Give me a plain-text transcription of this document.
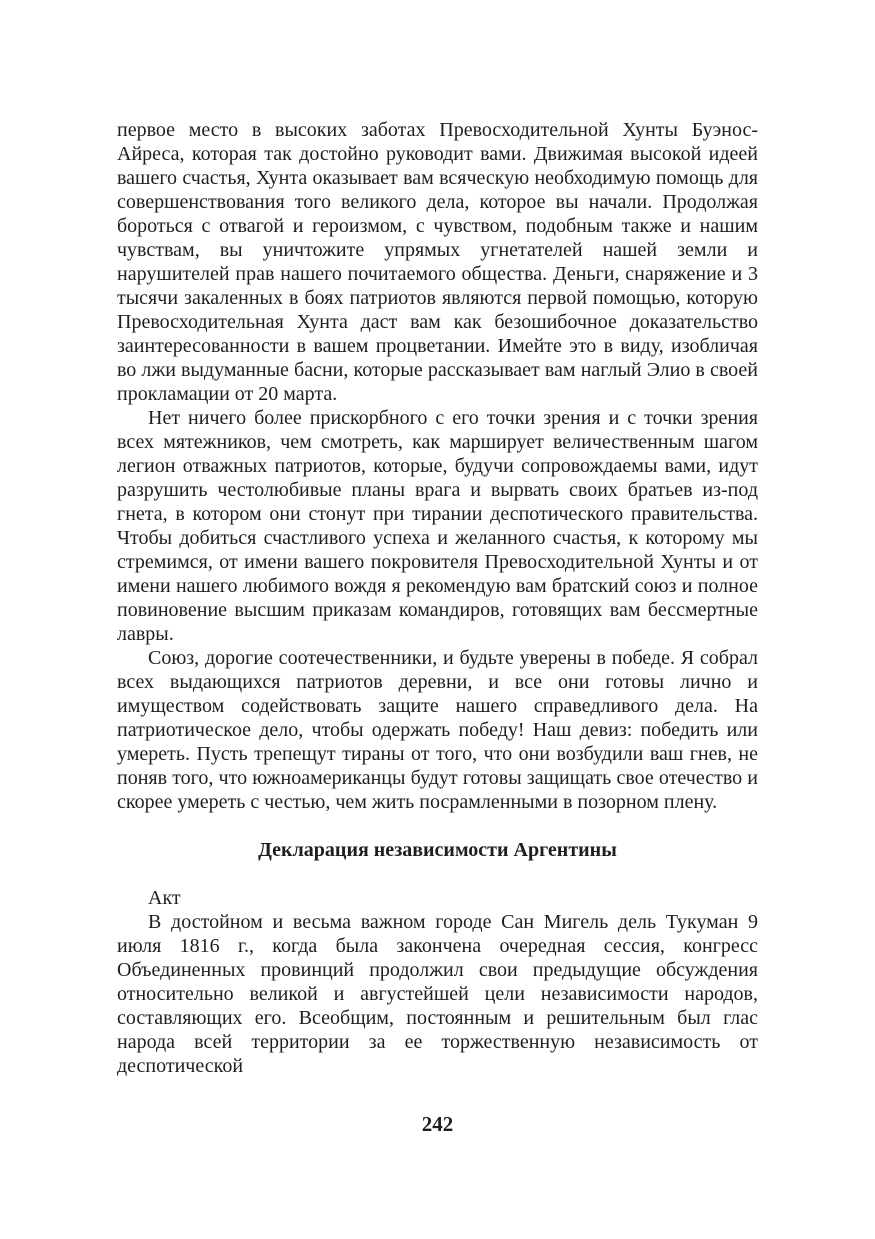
первое место в высоких заботах Превосходительной Хунты Буэнос-Айреса, которая так достойно руководит вами. Движимая высокой идеей вашего счастья, Хунта оказывает вам всяческую необходимую помощь для совершенствования того великого дела, которое вы начали. Продолжая бороться с отвагой и героизмом, с чувством, подобным также и нашим чувствам, вы уничтожите упрямых угнетателей нашей земли и нарушителей прав нашего почитаемого общества. Деньги, снаряжение и 3 тысячи закаленных в боях патриотов являются первой помощью, которую Превосходительная Хунта даст вам как безошибочное доказательство заинтересованности в вашем процветании. Имейте это в виду, изобличая во лжи выдуманные басни, которые рассказывает вам наглый Элио в своей прокламации от 20 марта.

Нет ничего более прискорбного с его точки зрения и с точки зрения всех мятежников, чем смотреть, как марширует величественным шагом легион отважных патриотов, которые, будучи сопровождаемы вами, идут разрушить честолюбивые планы врага и вырвать своих братьев из-под гнета, в котором они стонут при тирании деспотического правительства. Чтобы добиться счастливого успеха и желанного счастья, к которому мы стремимся, от имени вашего покровителя Превосходительной Хунты и от имени нашего любимого вождя я рекомендую вам братский союз и полное повиновение высшим приказам командиров, готовящих вам бессмертные лавры.

Союз, дорогие соотечественники, и будьте уверены в победе. Я собрал всех выдающихся патриотов деревни, и все они готовы лично и имуществом содействовать защите нашего справедливого дела. На патриотическое дело, чтобы одержать победу! Наш девиз: победить или умереть. Пусть трепещут тираны от того, что они возбудили ваш гнев, не поняв того, что южноамериканцы будут готовы защищать свое отечество и скорее умереть с честью, чем жить посрамленными в позорном плену.

Декларация независимости Аргентины

Акт

В достойном и весьма важном городе Сан Мигель дель Тукуман 9 июля 1816 г., когда была закончена очередная сессия, конгресс Объединенных провинций продолжил свои предыдущие обсуждения относительно великой и августейшей цели независимости народов, составляющих его. Всеобщим, постоянным и решительным был глас народа всей территории за ее торжественную независимость от деспотической

242
